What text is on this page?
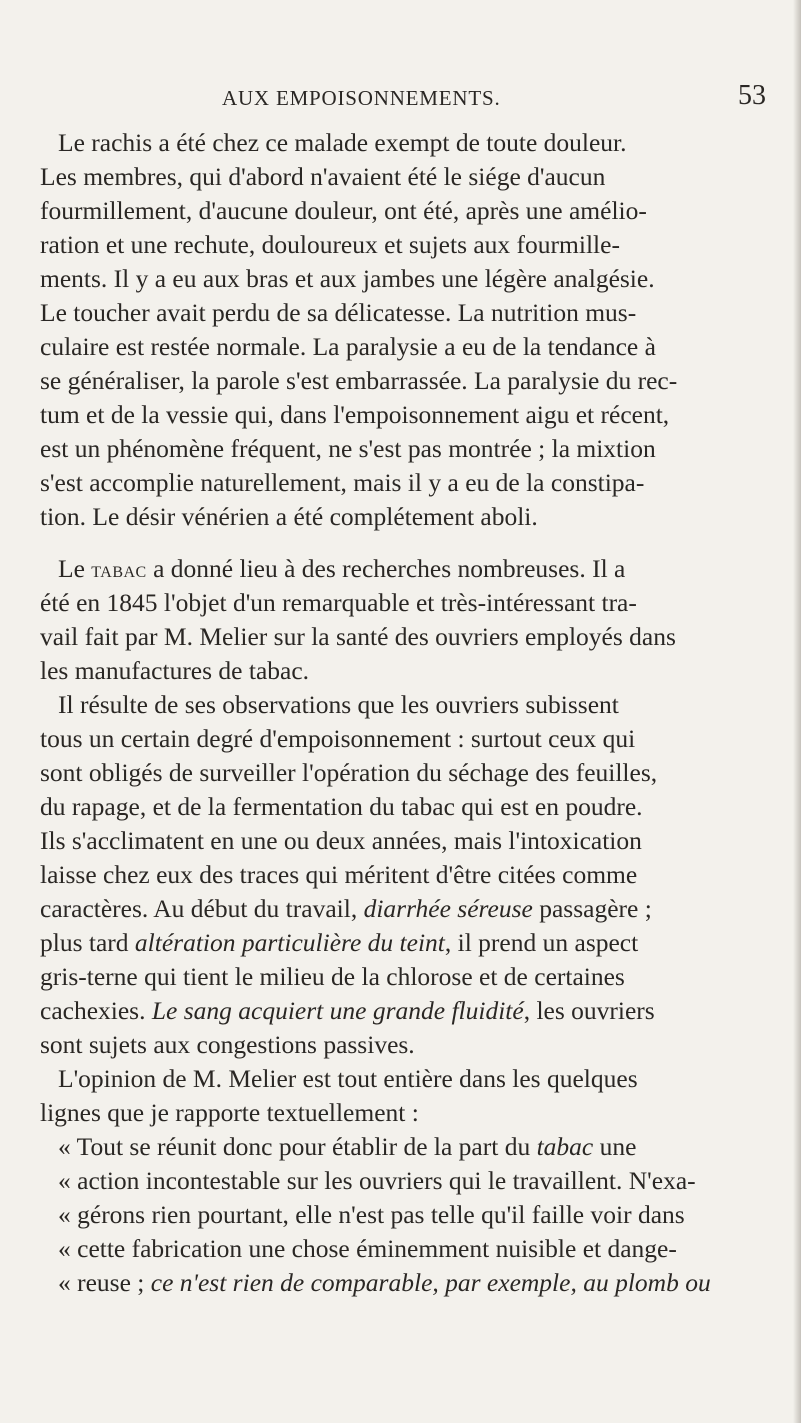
AUX EMPOISONNEMENTS.	53
Le rachis a été chez ce malade exempt de toute douleur.
Les membres, qui d'abord n'avaient été le siége d'aucun
fourmillement, d'aucune douleur, ont été, après une amélio-
ration et une rechute, douloureux et sujets aux fourmille-
ments. Il y a eu aux bras et aux jambes une légère analgésie.
Le toucher avait perdu de sa délicatesse. La nutrition mus-
culaire est restée normale. La paralysie a eu de la tendance à
se généraliser, la parole s'est embarrassée. La paralysie du rec-
tum et de la vessie qui, dans l'empoisonnement aigu et récent,
est un phénomène fréquent, ne s'est pas montrée ; la mixtion
s'est accomplie naturellement, mais il y a eu de la constipa-
tion. Le désir vénérien a été complétement aboli.
Le tabac a donné lieu à des recherches nombreuses. Il a
été en 1845 l'objet d'un remarquable et très-intéressant tra-
vail fait par M. Melier sur la santé des ouvriers employés dans
les manufactures de tabac.
Il résulte de ses observations que les ouvriers subissent
tous un certain degré d'empoisonnement : surtout ceux qui
sont obligés de surveiller l'opération du séchage des feuilles,
du rapage, et de la fermentation du tabac qui est en poudre.
Ils s'acclimatent en une ou deux années, mais l'intoxication
laisse chez eux des traces qui méritent d'être citées comme
caractères. Au début du travail, diarrhée séreuse passagère ;
plus tard altération particulière du teint, il prend un aspect
gris-terne qui tient le milieu de la chlorose et de certaines
cachexies. Le sang acquiert une grande fluidité, les ouvriers
sont sujets aux congestions passives.
L'opinion de M. Melier est tout entière dans les quelques
lignes que je rapporte textuellement :
« Tout se réunit donc pour établir de la part du tabac une
« action incontestable sur les ouvriers qui le travaillent. N'exa-
« gérons rien pourtant, elle n'est pas telle qu'il faille voir dans
« cette fabrication une chose éminemment nuisible et dange-
« reuse ; ce n'est rien de comparable, par exemple, au plomb ou
